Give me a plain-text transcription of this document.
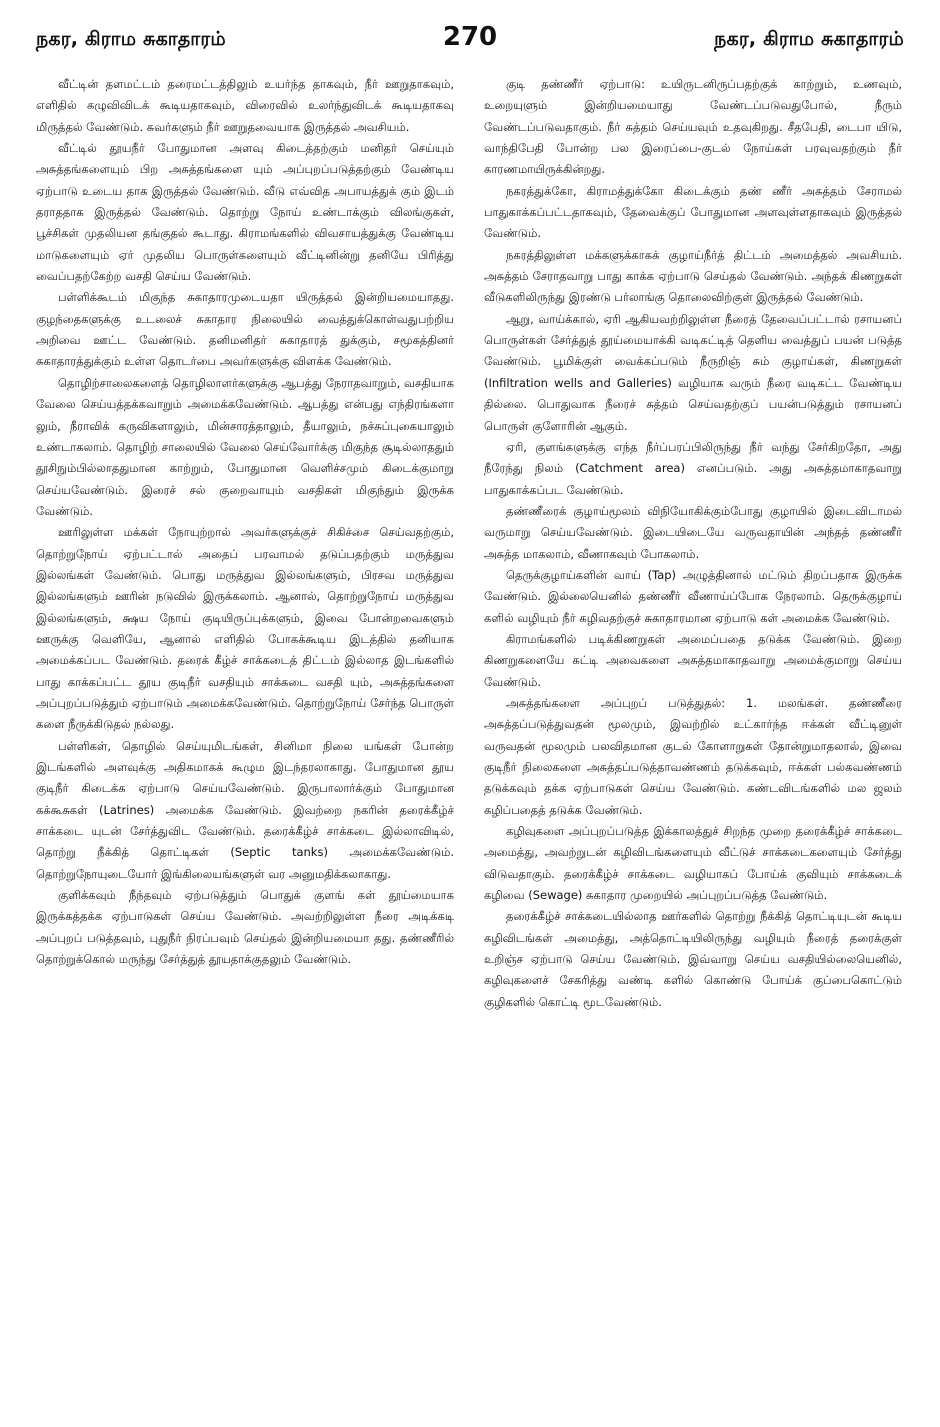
நகர, கிராம சுகாதாரம்	270	நகர, கிராம சுகாதாரம்

வீட்டின் தளமட்டம் தரைமட்டத்திலும் உயர்ந்த தாகவும், நீர் ஊறுதாகவும், எளிதில் கழுவிவிடக் கூடியதாகவும், விரைவில் உலர்ந்துவிடக் கூடியதாகவு மிருத்தல் வேண்டும். சுவர்களும் நீர் ஊறுதவையாக இருத்தல் அவசியம்.

வீட்டில் தூயநீர் போதுமான அளவு கிடைத்தற்கும் மனிதர் செய்யும் அசுத்தங்களையும் பிற அசுத்தங்களை யும் அப்புறப்படுத்தற்கும் வேண்டிய ஏற்பாடு உடைய தாக இருத்தல் வேண்டும். வீடு எவ்வித அபாயத்துக் கும் இடம் தராததாக இருத்தல் வேண்டும். தொற்று நோய் உண்டாக்கும் விலங்குகள், பூச்சிகள் முதலியன தங்குதல் கூடாது. கிராமங்களில் விவசாயத்துக்கு வேண்டிய மாடுகளையும் ஏர் முதலிய பொருள்களையும் வீட்டினின்று தனியே பிரித்து வைப்பதற்கேற்ற வசதி செய்ய வேண்டும்.

பள்ளிக்கூடம் மிகுந்த சுகாதாரமுடையதா யிருத்தல் இன்றியமையாதது. குழந்தைகளுக்கு உடலைச் சுகாதார நிலையில் வைத்துக்கொள்வதுபற்றிய அறிவை ஊட்ட வேண்டும். தனிமனிதர் சுகாதாரத் துக்கும், சமூகத்தினர் சுகாதாரத்துக்கும் உள்ள தொடர்பை அவர்களுக்கு விளக்க வேண்டும்.

தொழிற்சாலைகளைத் தொழிலாளர்களுக்கு ஆபத்து நேராதவாறும், வசதியாக வேலை செய்யத்தக்கவாறும் அமைக்கவேண்டும். ஆபத்து என்பது எந்திரங்களா லும், நீராவிக் கருவிகளாலும், மின்சாரத்தாலும், தீயாலும், நச்சுப்புகையாலும் உண்டாகலாம். தொழிற் சாலையில் வேலை செய்வோர்க்கு மிகுந்த சூடில்லாததும் தூசிநும்பில்லாததுமான காற்றும், போதுமான வெளிச்சமும் கிடைக்குமாறு செய்யவேண்டும். இரைச் சல் குறைவாயும் வசதிகள் மிகுந்தும் இருக்க வேண்டும்.

ஊரிலுள்ள மக்கள் நோயுற்றால் அவர்களுக்குச் சிகிச்சை செய்வதற்கும், தொற்றுநோய் ஏற்பட்டால் அதைப் பரவாமல் தடுப்பதற்கும் மருத்துவ இல்லங்கள் வேண்டும். பொது மருத்துவ இல்லங்களும், பிரசவ மருத்துவ இல்லங்களும் ஊரின் நடுவில் இருக்கலாம். ஆனால், தொற்றுநோய் மருத்துவ இல்லங்களும், க்ஷய நோய் குடியிருப்புக்களும், இவை போன்றவைகளும் ஊருக்கு வெளியே, ஆனால் எளிதில் போகக்கூடிய இடத்தில் தனியாக அமைக்கப்பட வேண்டும். தரைக் கீழ்ச் சாக்கடைத் திட்டம் இல்லாத இடங்களில் பாது காக்கப்பட்ட தூய குடிநீர் வசதியும் சாக்கடை வசதி யும், அசுத்தங்களை அப்புறப்படுத்தும் ஏற்பாடும் அமைக்கவேண்டும். தொற்றுநோய் சேர்ந்த பொருள் களை நீருக்கிடுதல் நல்லது.

பள்ளிகள், தொழில் செய்யுமிடங்கள், சினிமா நிலை யங்கள் போன்ற இடங்களில் அளவுக்கு அதிகமாகக் கூழும இடந்தரலாகாது. போதுமான தூய குடிநீர் கிடைக்க ஏற்பாடு செய்யவேண்டும். இருபாலார்க்கும் போதுமான கக்கூசுகள் (Latrines) அமைக்க வேண்டும். இவற்றை நகரின் தரைக்கீழ்ச் சாக்கடை யுடன் சேர்த்துவிட வேண்டும். தரைக்கீழ்ச் சாக்கடை இல்லாவிடில், தொற்று நீக்கித் தொட்டிகள் (Septic tanks) அமைக்கவேண்டும். தொற்றுநோயுடையோர் இங்கிலையங்களுள் வர அனுமதிக்கலாகாது.

குளிக்கவும் நீந்தவும் ஏற்படுத்தும் பொதுக் குளங் கள் தூய்மையாக இருக்கத்தக்க ஏற்பாடுகள் செய்ய வேண்டும். அவற்றிலுள்ள நீரை அடிக்கடி அப்புறப் படுத்தவும், புதுநீர் நிரப்பவும் செய்தல் இன்றியமையா தது. தண்ணீரில் தொற்றுக்கொல் மருந்து சேர்த்துத் தூயதாக்குதலும் வேண்டும்.

குடி தண்ணீர் ஏற்பாடு: உயிருடனிருப்பதற்குக் காற்றும், உணவும், உறையுளும் இன்றியமையாது வேண்டப்படுவதுபோல், நீரும் வேண்டப்படுவதாகும். நீர் சுத்தம் செய்யவும் உதவுகிறது. சீதபேதி, டைபா யிடு, வாந்திபேதி போன்ற பல இரைப்பை-குடல் நோய்கள் பரவுவதற்கும் நீர் காரணமாயிருக்கின்றது.

நகரத்துக்கோ, கிராமத்துக்கோ கிடைக்கும் தண் ணீர் அசுத்தம் சேராமல் பாதுகாக்கப்பட்டதாகவும், தேவைக்குப் போதுமான அளவுள்ளதாகவும் இருத்தல் வேண்டும்.

நகரத்திலுள்ள மக்களுக்காகக் குழாய்நீர்த் திட்டம் அமைத்தல் அவசியம். அசுத்தம் சேராதவாறு பாது காக்க ஏற்பாடு செய்தல் வேண்டும். அந்தக் கிணறுகள் வீடுகளிலிருந்து இரண்டு பர்லாங்கு தொலைவிற்குள் இருத்தல் வேண்டும்.

ஆறு, வாய்க்கால், ஏரி ஆகியவற்றிலுள்ள நீரைத் தேவைப்பட்டால் ரசாயனப் பொருள்கள் சேர்த்துத் தூய்மையாக்கி வடிகட்டித் தெளிய வைத்துப் பயன் படுத்த வேண்டும். பூமிக்குள் வைக்கப்படும் நீருறிஞ் சும் குழாய்கள், கிணறுகள் (Infiltration wells and Galleries) வழியாக வரும் நீரை வடிகட்ட வேண்டிய தில்லை. பொதுவாக நீரைச் சுத்தம் செய்வதற்குப் பயன்படுத்தும் ரசாயனப் பொருள் குளோரின் ஆகும்.

ஏரி, குளங்களுக்கு எந்த நீர்ப்பரப்பிலிருந்து நீர் வந்து சேர்கிறதோ, அது நீரேந்து நிலம் (Catchment area) எனப்படும். அது அசுத்தமாகாதவாறு பாதுகாக்கப்பட வேண்டும்.

தண்ணீரைக் குழாய்மூலம் விநியோகிக்கும்போது குழாயில் இடைவிடாமல் வருமாறு செய்யவேண்டும். இடையிடையே வருவதாயின் அந்தத் தண்ணீர் அசுத்த மாகலாம், வீணாகவும் போகலாம்.

தெருக்குழாய்களின் வாய் (Tap) அழுத்தினால் மட்டும் திறப்பதாக இருக்க வேண்டும். இல்லையெனில் தண்ணீர் வீணாய்ப்போக நேரலாம். தெருக்குழாய் களில் வழியும் நீர் கழிவதற்குச் சுகாதாரமான ஏற்பாடு கள் அமைக்க வேண்டும்.

கிராமங்களில் படிக்கிணறுகள் அமைப்பதை தடுக்க வேண்டும். இறை கிணறுகளையே கட்டி அவைகளை அசுத்தமாகாதவாறு அமைக்குமாறு செய்ய வேண்டும்.

அசுத்தங்களை அப்புறப் படுத்துதல்: 1. மலங்கள். தண்ணீரை அசுத்தப்படுத்துவதன் மூலமும், இவற்றில் உட்கார்ந்த ஈக்கள் வீட்டினுள் வருவதன் மூலமும் பலவிதமான குடல் கோளாறுகள் தோன்றுமாதலால், இவை குடிநீர் நிலைகளை அசுத்தப்படுத்தாவண்ணம் தடுக்கவும், ஈக்கள் பல்கவண்ணம் தடுக்கவும் தக்க ஏற்பாடுகள் செய்ய வேண்டும். கண்டவிடங்களில் மல ஜலம் கழிப்பதைத் தடுக்க வேண்டும்.

கழிவுகளை அப்புறப்படுத்த இக்காலத்துச் சிறந்த முறை தரைக்கீழ்ச் சாக்கடை அமைத்து, அவற்றுடன் கழிவிடங்களையும் வீட்டுச் சாக்கடைகளையும் சேர்த்து விடுவதாகும். தரைக்கீழ்ச் சாக்கடை வழியாகப் போய்க் குவியும் சாக்கடைக் கழிவை (Sewage) சுகாதார முறையில் அப்புறப்படுத்த வேண்டும்.

தரைக்கீழ்ச் சாக்கடையில்லாத ஊர்களில் தொற்று நீக்கித் தொட்டியுடன் கூடிய கழிவிடங்கள் அமைத்து, அத்தொட்டியிலிருந்து வழியும் நீரைத் தரைக்குள் உறிஞ்ச ஏற்பாடு செய்ய வேண்டும். இவ்வாறு செய்ய வசதியில்லையெனில், கழிவுகளைச் சேகரித்து வண்டி களில் கொண்டு போய்க் குப்பைகொட்டும் குழிகளில் கொட்டி மூடவேண்டும்.
